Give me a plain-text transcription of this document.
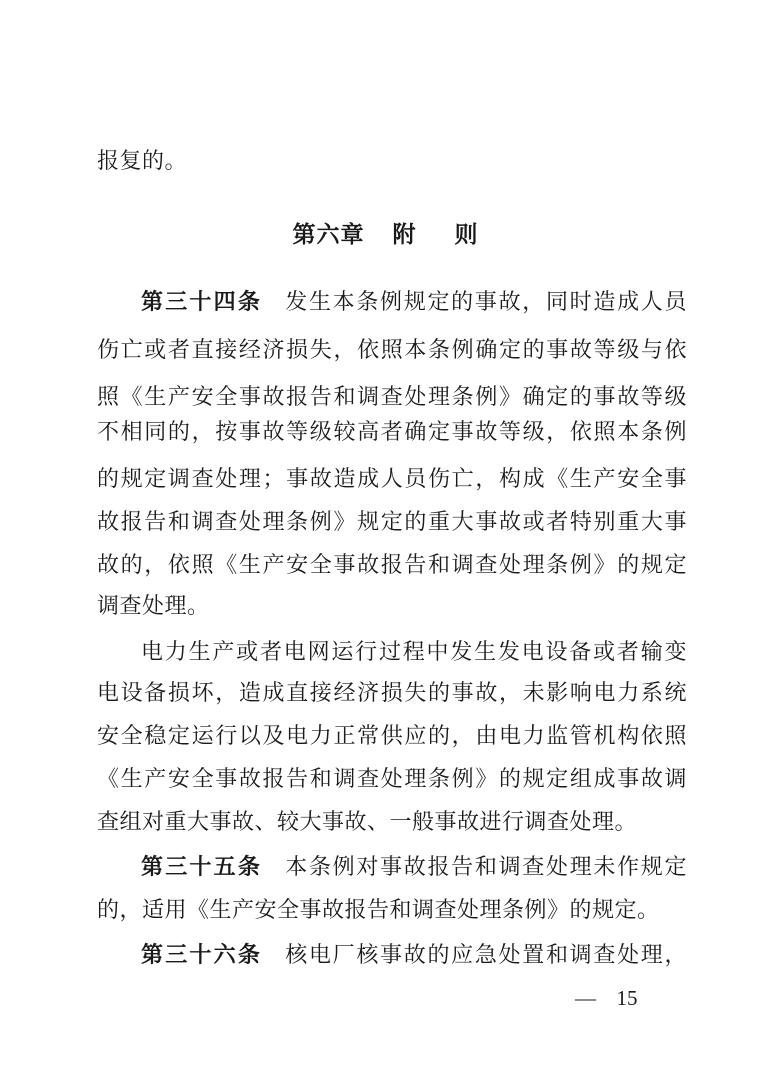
报复的。
第六章 附 则
第三十四条 发生本条例规定的事故，同时造成人员
伤亡或者直接经济损失，依照本条例确定的事故等级与依
照《生产安全事故报告和调查处理条例》确定的事故等级
不相同的，按事故等级较高者确定事故等级，依照本条例
的规定调查处理；事故造成人员伤亡，构成《生产安全事
故报告和调查处理条例》规定的重大事故或者特别重大事
故的，依照《生产安全事故报告和调查处理条例》的规定
调查处理。
电力生产或者电网运行过程中发生发电设备或者输变
电设备损坏，造成直接经济损失的事故，未影响电力系统
安全稳定运行以及电力正常供应的，由电力监管机构依照
《生产安全事故报告和调查处理条例》的规定组成事故调
查组对重大事故、较大事故、一般事故进行调查处理。
第三十五条 本条例对事故报告和调查处理未作规定
的，适用《生产安全事故报告和调查处理条例》的规定。
第三十六条 核电厂核事故的应急处置和调查处理，
— 15
